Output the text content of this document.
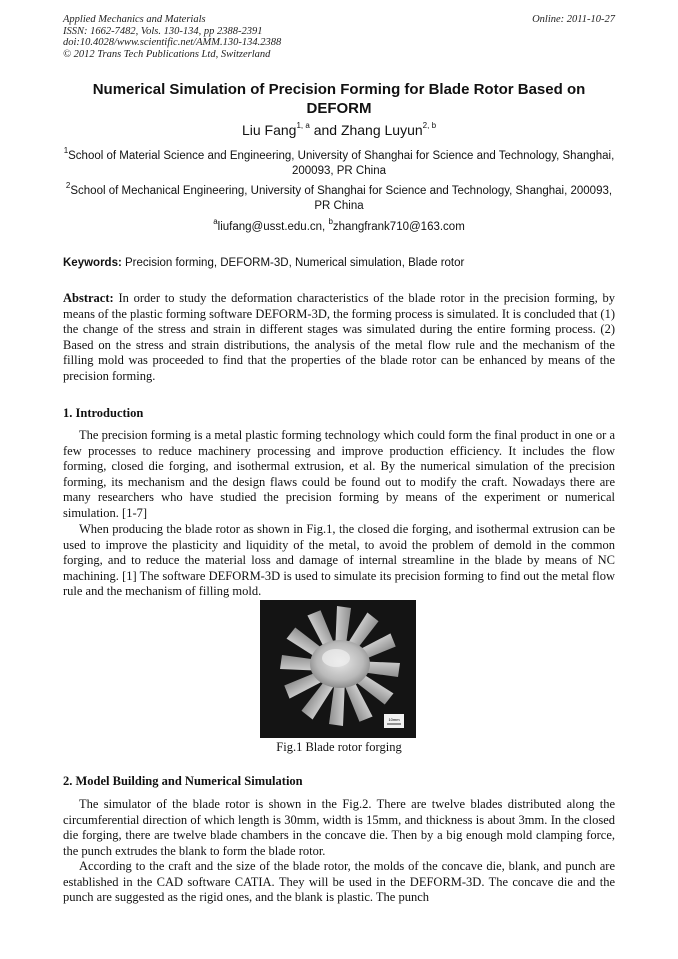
Applied Mechanics and Materials
ISSN: 1662-7482, Vols. 130-134, pp 2388-2391
doi:10.4028/www.scientific.net/AMM.130-134.2388
© 2012 Trans Tech Publications Ltd, Switzerland
Online: 2011-10-27
Numerical Simulation of Precision Forming for Blade Rotor Based on DEFORM
Liu Fang$^{1, a}$ and Zhang Luyun$^{2, b}$
$^1$School of Material Science and Engineering, University of Shanghai for Science and Technology, Shanghai, 200093, PR China
$^2$School of Mechanical Engineering, University of Shanghai for Science and Technology, Shanghai, 200093, PR China
$^a$liufang@usst.edu.cn, $^b$zhangfrank710@163.com
Keywords: Precision forming, DEFORM-3D, Numerical simulation, Blade rotor
Abstract: In order to study the deformation characteristics of the blade rotor in the precision forming, by means of the plastic forming software DEFORM-3D, the forming process is simulated. It is concluded that (1) the change of the stress and strain in different stages was simulated during the entire forming process. (2) Based on the stress and strain distributions, the analysis of the metal flow rule and the mechanism of the filling mold was proceeded to find that the properties of the blade rotor can be enhanced by means of the precision forming.
1. Introduction
The precision forming is a metal plastic forming technology which could form the final product in one or a few processes to reduce machinery processing and improve production efficiency. It includes the flow forming, closed die forging, and isothermal extrusion, et al. By the numerical simulation of the precision forming, its mechanism and the design flaws could be found out to modify the craft. Nowadays there are many researchers who have studied the precision forming by means of the experiment or numerical simulation. [1-7]
When producing the blade rotor as shown in Fig.1, the closed die forging, and isothermal extrusion can be used to improve the plasticity and liquidity of the metal, to avoid the problem of demold in the common forging, and to reduce the material loss and damage of internal streamline in the blade by means of NC machining. [1] The software DEFORM-3D is used to simulate its precision forming to find out the metal flow rule and the mechanism of filling mold.
10mm
Fig.1 Blade rotor forging
2. Model Building and Numerical Simulation
The simulator of the blade rotor is shown in the Fig.2. There are twelve blades distributed along the circumferential direction of which length is 30mm, width is 15mm, and thickness is about 3mm. In the closed die forging, there are twelve blade chambers in the concave die. Then by a big enough mold clamping force, the punch extrudes the blank to form the blade rotor.
According to the craft and the size of the blade rotor, the molds of the concave die, blank, and punch are established in the CAD software CATIA. They will be used in the DEFORM-3D. The concave die and the punch are suggested as the rigid ones, and the blank is plastic. The punch
